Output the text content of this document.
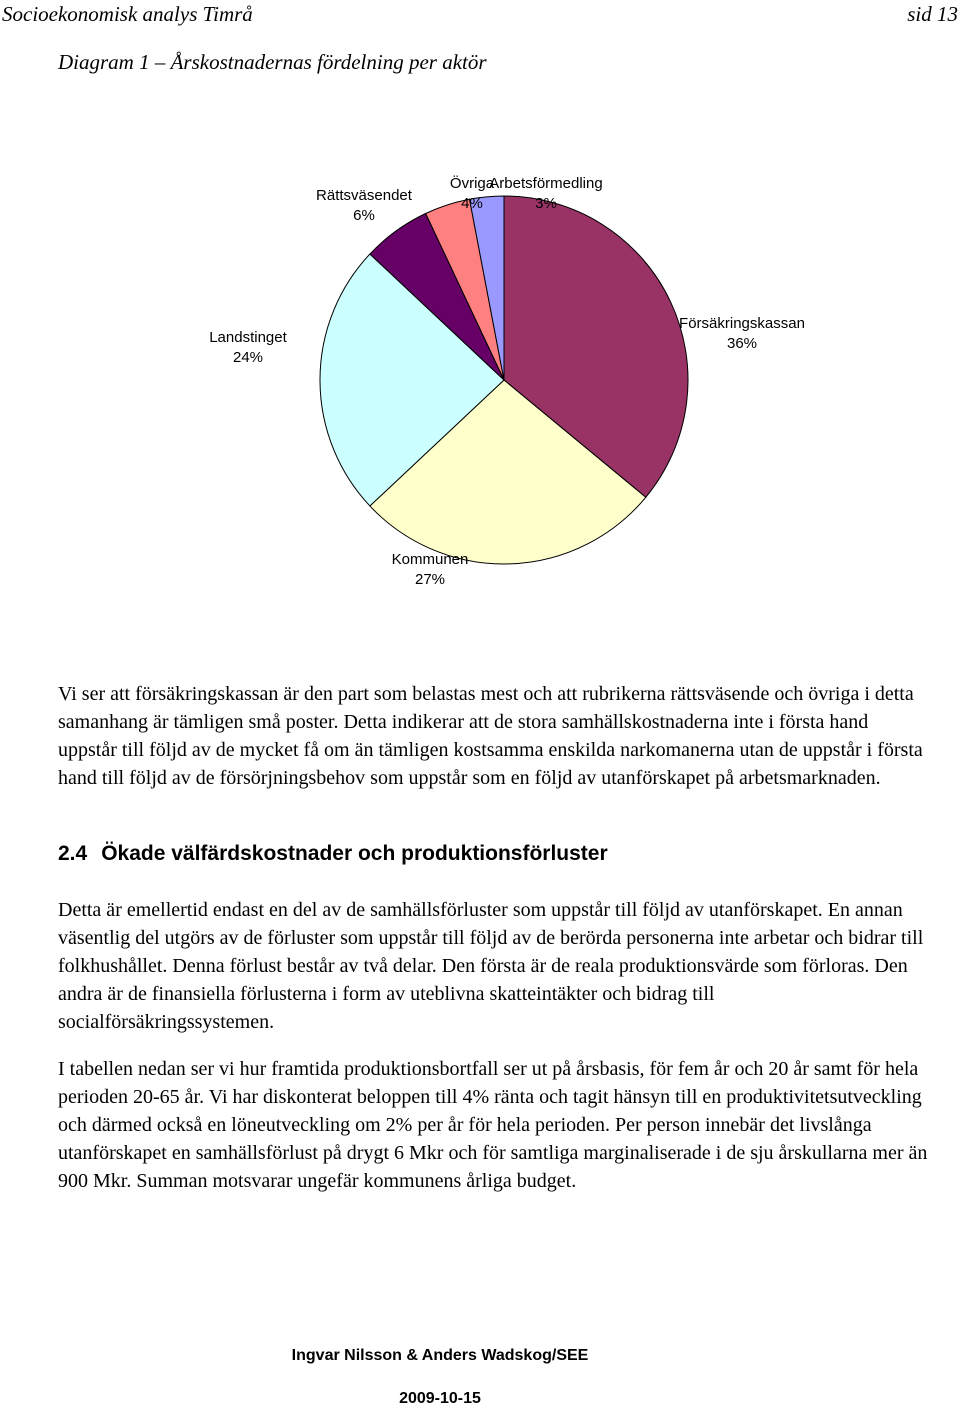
Socioekonomisk analys Timrå	sid 13
Diagram 1 – Årskostnadernas fördelning per aktör
Försäkringskassan
36%
Kommunen
27%
Landstinget
24%
Rättsväsendet
6%
Övriga
4%
Arbetsförmedling
3%

Vi ser att försäkringskassan är den part som belastas mest och att rubrikerna rättsväsende och övriga i detta samanhang är tämligen små poster. Detta indikerar att de stora samhällskostnaderna inte i första hand uppstår till följd av de mycket få om än tämligen kostsamma enskilda narkomanerna utan de uppstår i första hand till följd av de försörjningsbehov som uppstår som en följd av utanförskapet på arbetsmarknaden.

2.4 Ökade välfärdskostnader och produktionsförluster

Detta är emellertid endast en del av de samhällsförluster som uppstår till följd av utanförskapet. En annan väsentlig del utgörs av de förluster som uppstår till följd av de berörda personerna inte arbetar och bidrar till folkhushållet. Denna förlust består av två delar. Den första är de reala produktionsvärde som förloras. Den andra är de finansiella förlusterna i form av uteblivna skatteintäkter och bidrag till socialförsäkringssystemen.

I tabellen nedan ser vi hur framtida produktionsbortfall ser ut på årsbasis, för fem år och 20 år samt för hela perioden 20-65 år. Vi har diskonterat beloppen till 4% ränta och tagit hänsyn till en produktivitetsutveckling och därmed också en löneutveckling om 2% per år för hela perioden. Per person innebär det livslånga utanförskapet en samhällsförlust på drygt 6 Mkr och för samtliga marginaliserade i de sju årskullarna mer än 900 Mkr. Summan motsvarar ungefär kommunens årliga budget.

Ingvar Nilsson & Anders Wadskog/SEE
2009-10-15
